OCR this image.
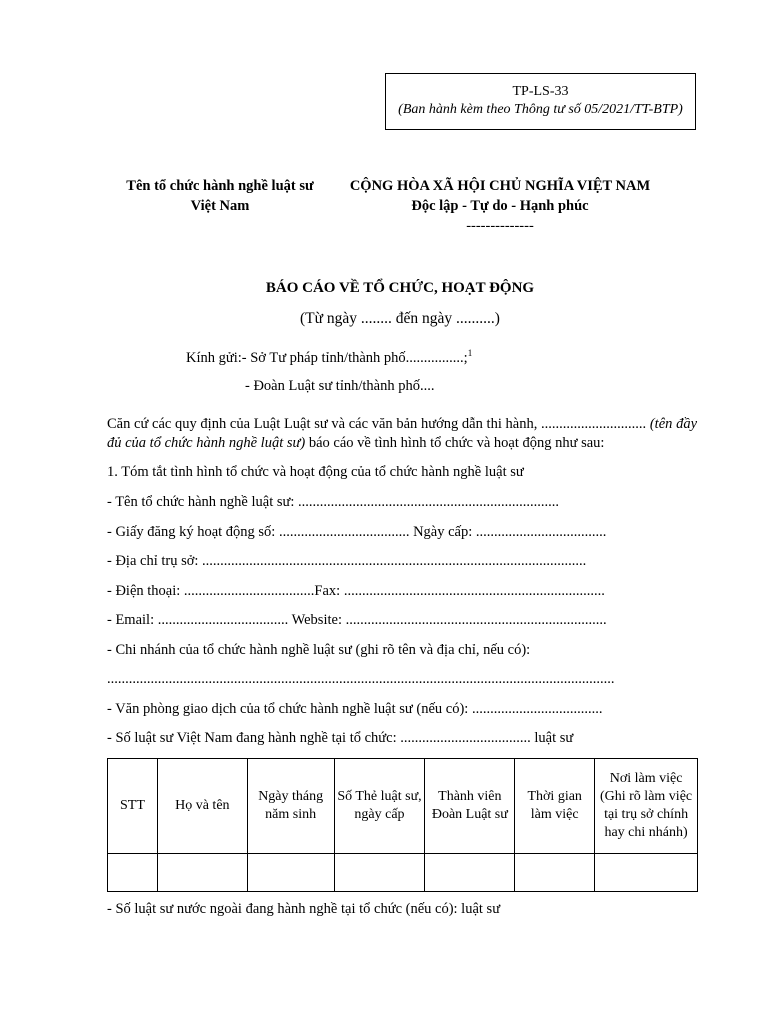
TP-LS-33
(Ban hành kèm theo Thông tư số 05/2021/TT-BTP)
Tên tổ chức hành nghề luật sư
Việt Nam
CỘNG HÒA XÃ HỘI CHỦ NGHĨA VIỆT NAM
Độc lập - Tự do - Hạnh phúc
--------------
BÁO CÁO VỀ TỔ CHỨC, HOẠT ĐỘNG
(Từ ngày ........ đến ngày ..........)
Kính gửi:- Sở Tư pháp tỉnh/thành phố................;$^1$
- Đoàn Luật sư tỉnh/thành phố....
Căn cứ các quy định của Luật Luật sư và các văn bản hướng dẫn thi hành, ............................. (tên đầy đủ của tổ chức hành nghề luật sư) báo cáo về tình hình tổ chức và hoạt động như sau:
1. Tóm tắt tình hình tổ chức và hoạt động của tổ chức hành nghề luật sư
- Tên tổ chức hành nghề luật sư: ........................................................................
- Giấy đăng ký hoạt động số: .................................... Ngày cấp: ....................................
- Địa chỉ trụ sở: ..........................................................................................................
- Điện thoại: ....................................Fax: ........................................................................
- Email: .................................... Website: ........................................................................
- Chi nhánh của tổ chức hành nghề luật sư (ghi rõ tên và địa chỉ, nếu có):
............................................................................................................................................
- Văn phòng giao dịch của tổ chức hành nghề luật sư (nếu có): ....................................
- Số luật sư Việt Nam đang hành nghề tại tổ chức: .................................... luật sư
STT	Họ và tên	Ngày tháng năm sinh	Số Thẻ luật sư, ngày cấp	Thành viên Đoàn Luật sư	Thời gian làm việc	Nơi làm việc (Ghi rõ làm việc tại trụ sở chính hay chi nhánh)

- Số luật sư nước ngoài đang hành nghề tại tổ chức (nếu có): luật sư
